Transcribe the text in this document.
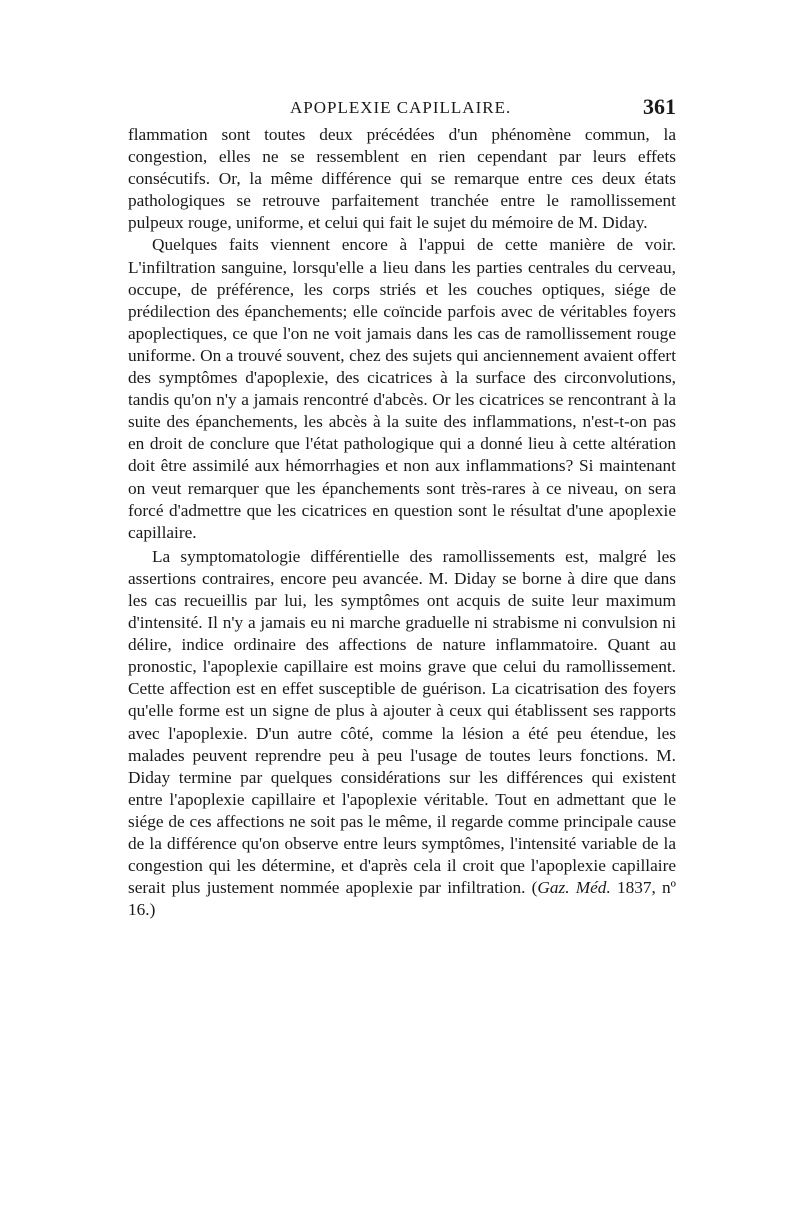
APOPLEXIE CAPILLAIRE.	361

flammation sont toutes deux précédées d'un phénomène commun, la congestion, elles ne se ressemblent en rien cependant par leurs effets consécutifs. Or, la même différence qui se remarque entre ces deux états pathologiques se retrouve parfaitement tranchée entre le ramollissement pulpeux rouge, uniforme, et celui qui fait le sujet du mémoire de M. Diday.

Quelques faits viennent encore à l'appui de cette manière de voir. L'infiltration sanguine, lorsqu'elle a lieu dans les parties centrales du cerveau, occupe, de préférence, les corps striés et les couches optiques, siége de prédilection des épanchements; elle coïncide parfois avec de véritables foyers apoplectiques, ce que l'on ne voit jamais dans les cas de ramollissement rouge uniforme. On a trouvé souvent, chez des sujets qui anciennement avaient offert des symptômes d'apoplexie, des cicatrices à la surface des circonvolutions, tandis qu'on n'y a jamais rencontré d'abcès. Or les cicatrices se rencontrant à la suite des épanchements, les abcès à la suite des inflammations, n'est-t-on pas en droit de conclure que l'état pathologique qui a donné lieu à cette altération doit être assimilé aux hémorrhagies et non aux inflammations? Si maintenant on veut remarquer que les épanchements sont très-rares à ce niveau, on sera forcé d'admettre que les cicatrices en question sont le résultat d'une apoplexie capillaire.

La symptomatologie différentielle des ramollissements est, malgré les assertions contraires, encore peu avancée. M. Diday se borne à dire que dans les cas recueillis par lui, les symptômes ont acquis de suite leur maximum d'intensité. Il n'y a jamais eu ni marche graduelle ni strabisme ni convulsion ni délire, indice ordinaire des affections de nature inflammatoire. Quant au pronostic, l'apoplexie capillaire est moins grave que celui du ramollissement. Cette affection est en effet susceptible de guérison. La cicatrisation des foyers qu'elle forme est un signe de plus à ajouter à ceux qui établissent ses rapports avec l'apoplexie. D'un autre côté, comme la lésion a été peu étendue, les malades peuvent reprendre peu à peu l'usage de toutes leurs fonctions. M. Diday termine par quelques considérations sur les différences qui existent entre l'apoplexie capillaire et l'apoplexie véritable. Tout en admettant que le siége de ces affections ne soit pas le même, il regarde comme principale cause de la différence qu'on observe entre leurs symptômes, l'intensité variable de la congestion qui les détermine, et d'après cela il croit que l'apoplexie capillaire serait plus justement nommée apoplexie par infiltration. (Gaz. Méd. 1837, nº 16.)
